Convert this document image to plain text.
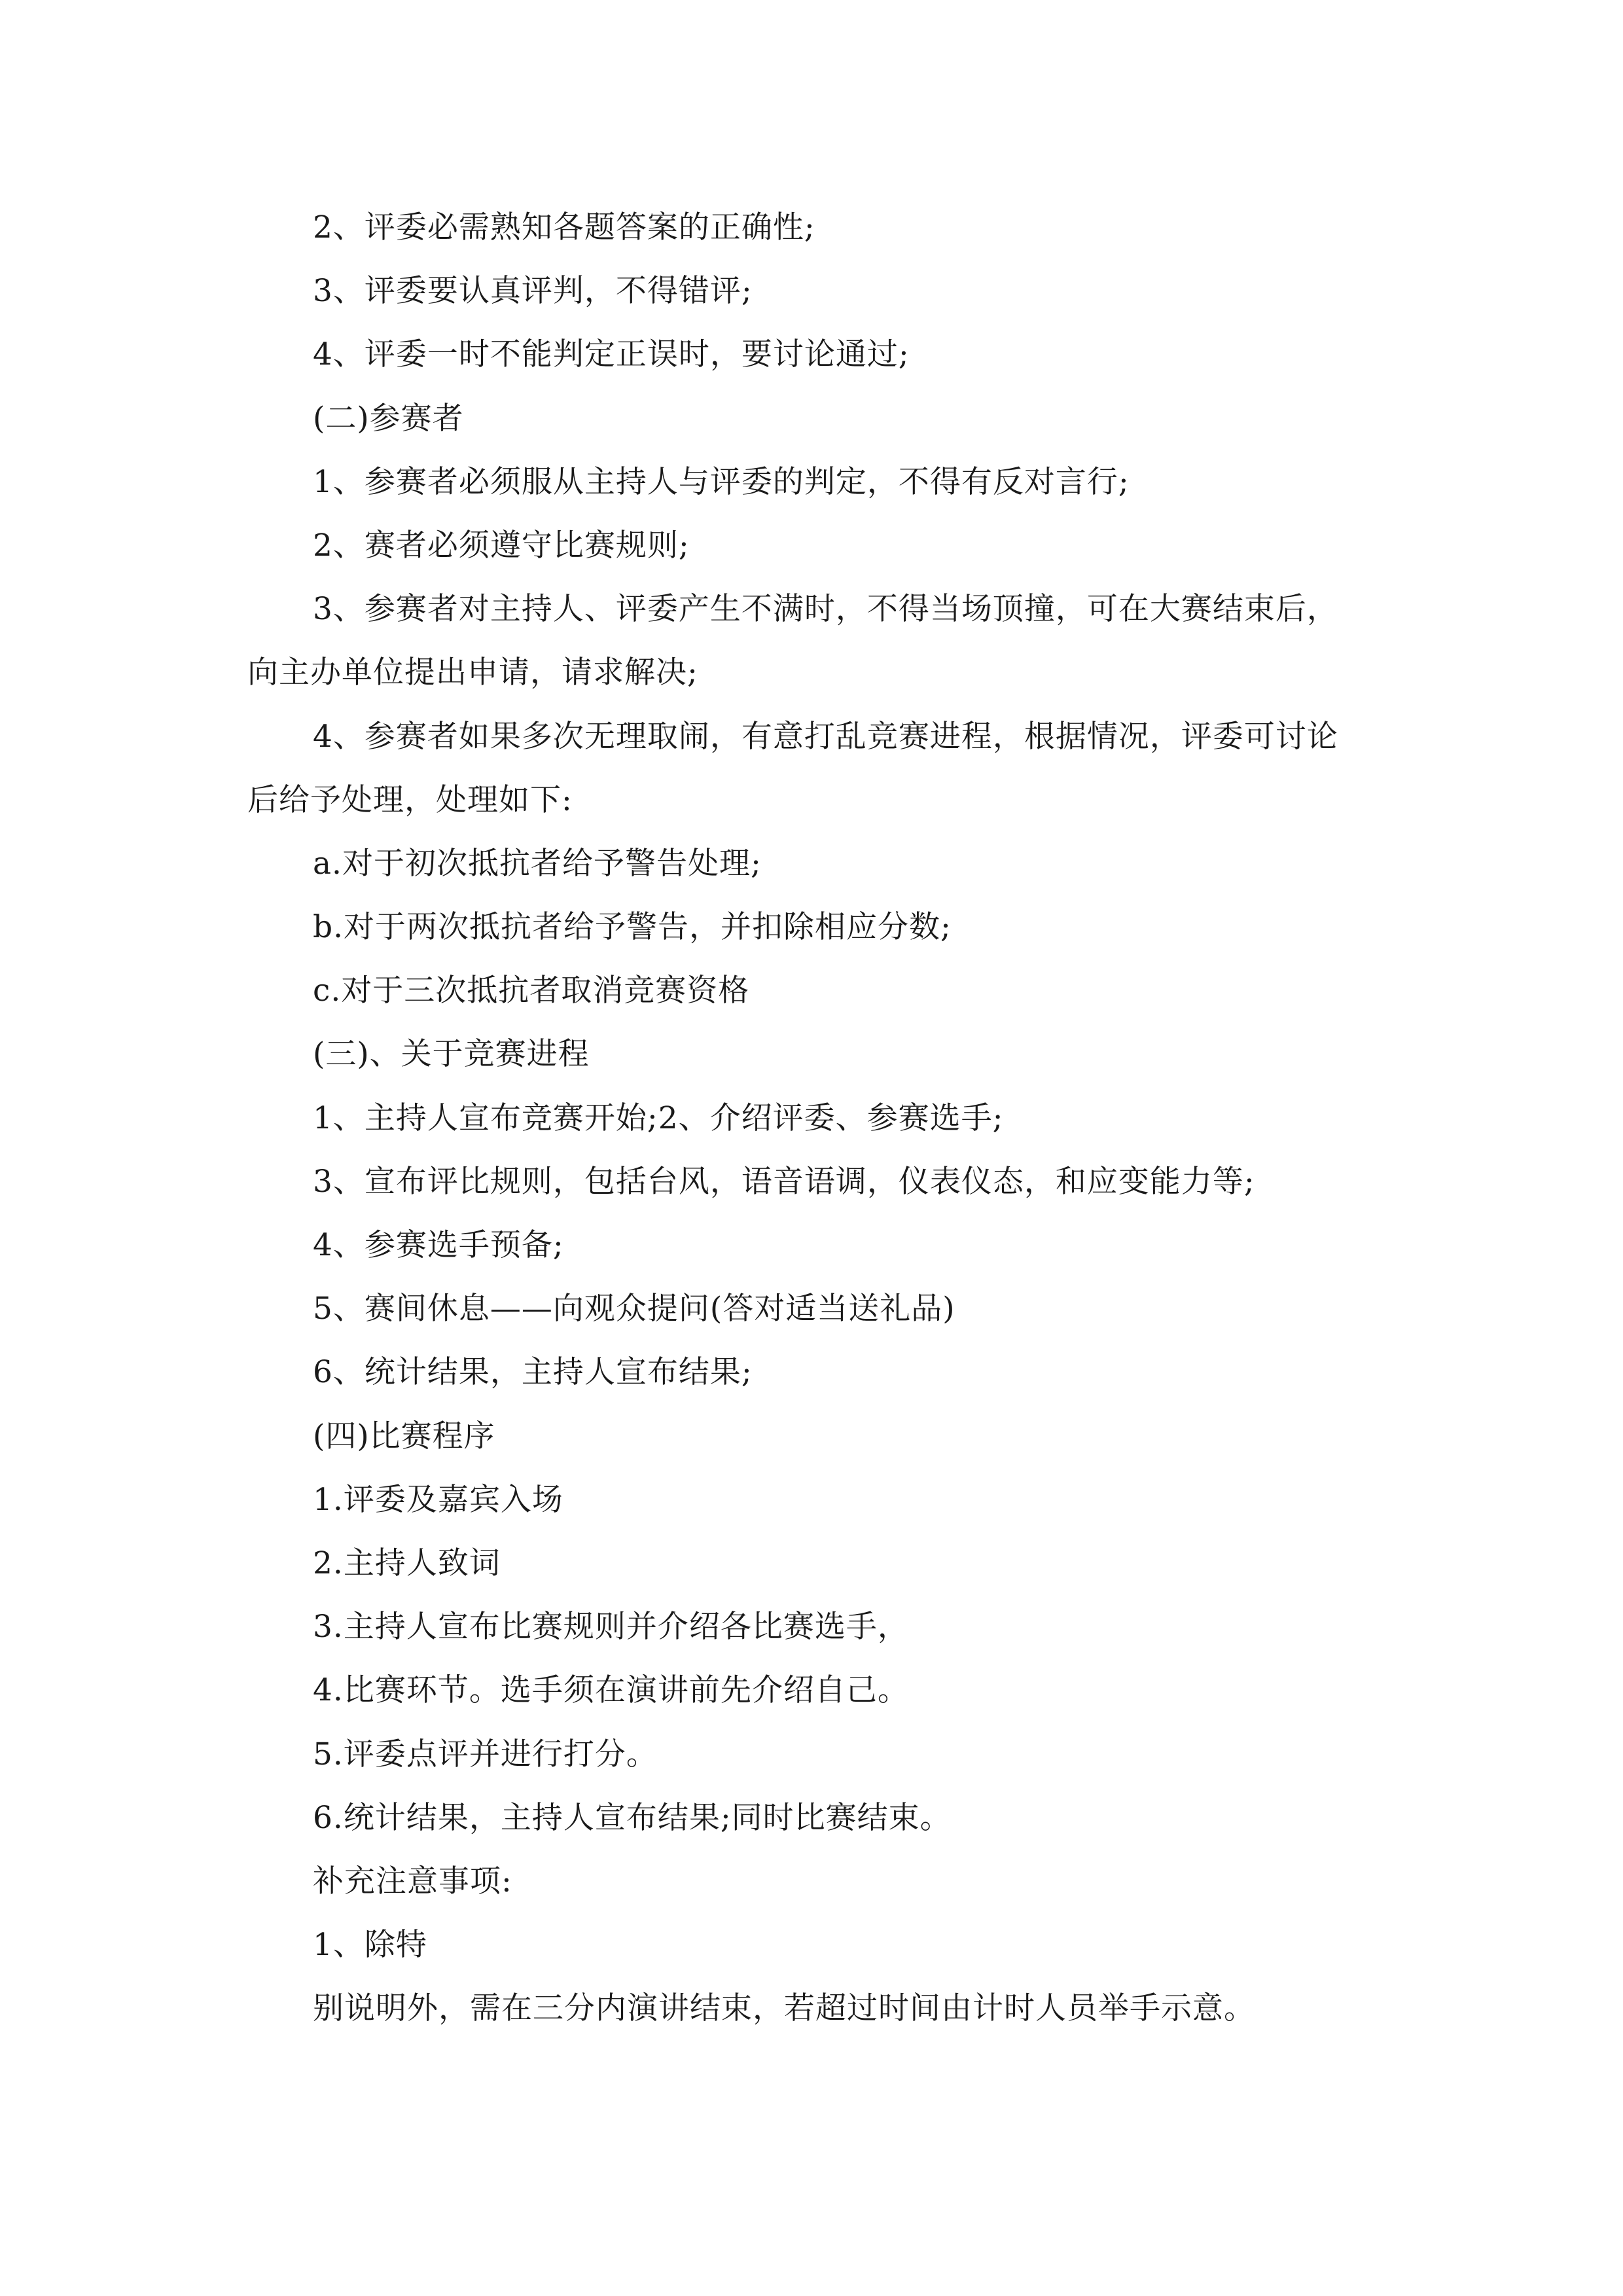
2、评委必需熟知各题答案的正确性;

3、评委要认真评判，不得错评;

4、评委一时不能判定正误时，要讨论通过;

(二)参赛者

1、参赛者必须服从主持人与评委的判定，不得有反对言行;

2、赛者必须遵守比赛规则;

3、参赛者对主持人、评委产生不满时，不得当场顶撞，可在大赛结束后，

向主办单位提出申请，请求解决;

4、参赛者如果多次无理取闹，有意打乱竞赛进程，根据情况，评委可讨论

后给予处理，处理如下:

a.对于初次抵抗者给予警告处理;

b.对于两次抵抗者给予警告，并扣除相应分数;

c.对于三次抵抗者取消竞赛资格

(三)、关于竞赛进程

1、主持人宣布竞赛开始;2、介绍评委、参赛选手;

3、宣布评比规则，包括台风，语音语调，仪表仪态，和应变能力等;

4、参赛选手预备;

5、赛间休息——向观众提问(答对适当送礼品)

6、统计结果，主持人宣布结果;

(四)比赛程序

1.评委及嘉宾入场

2.主持人致词

3.主持人宣布比赛规则并介绍各比赛选手，

4.比赛环节。选手须在演讲前先介绍自己。

5.评委点评并进行打分。

6.统计结果，主持人宣布结果;同时比赛结束。

补充注意事项:

1、除特

别说明外，需在三分内演讲结束，若超过时间由计时人员举手示意。
